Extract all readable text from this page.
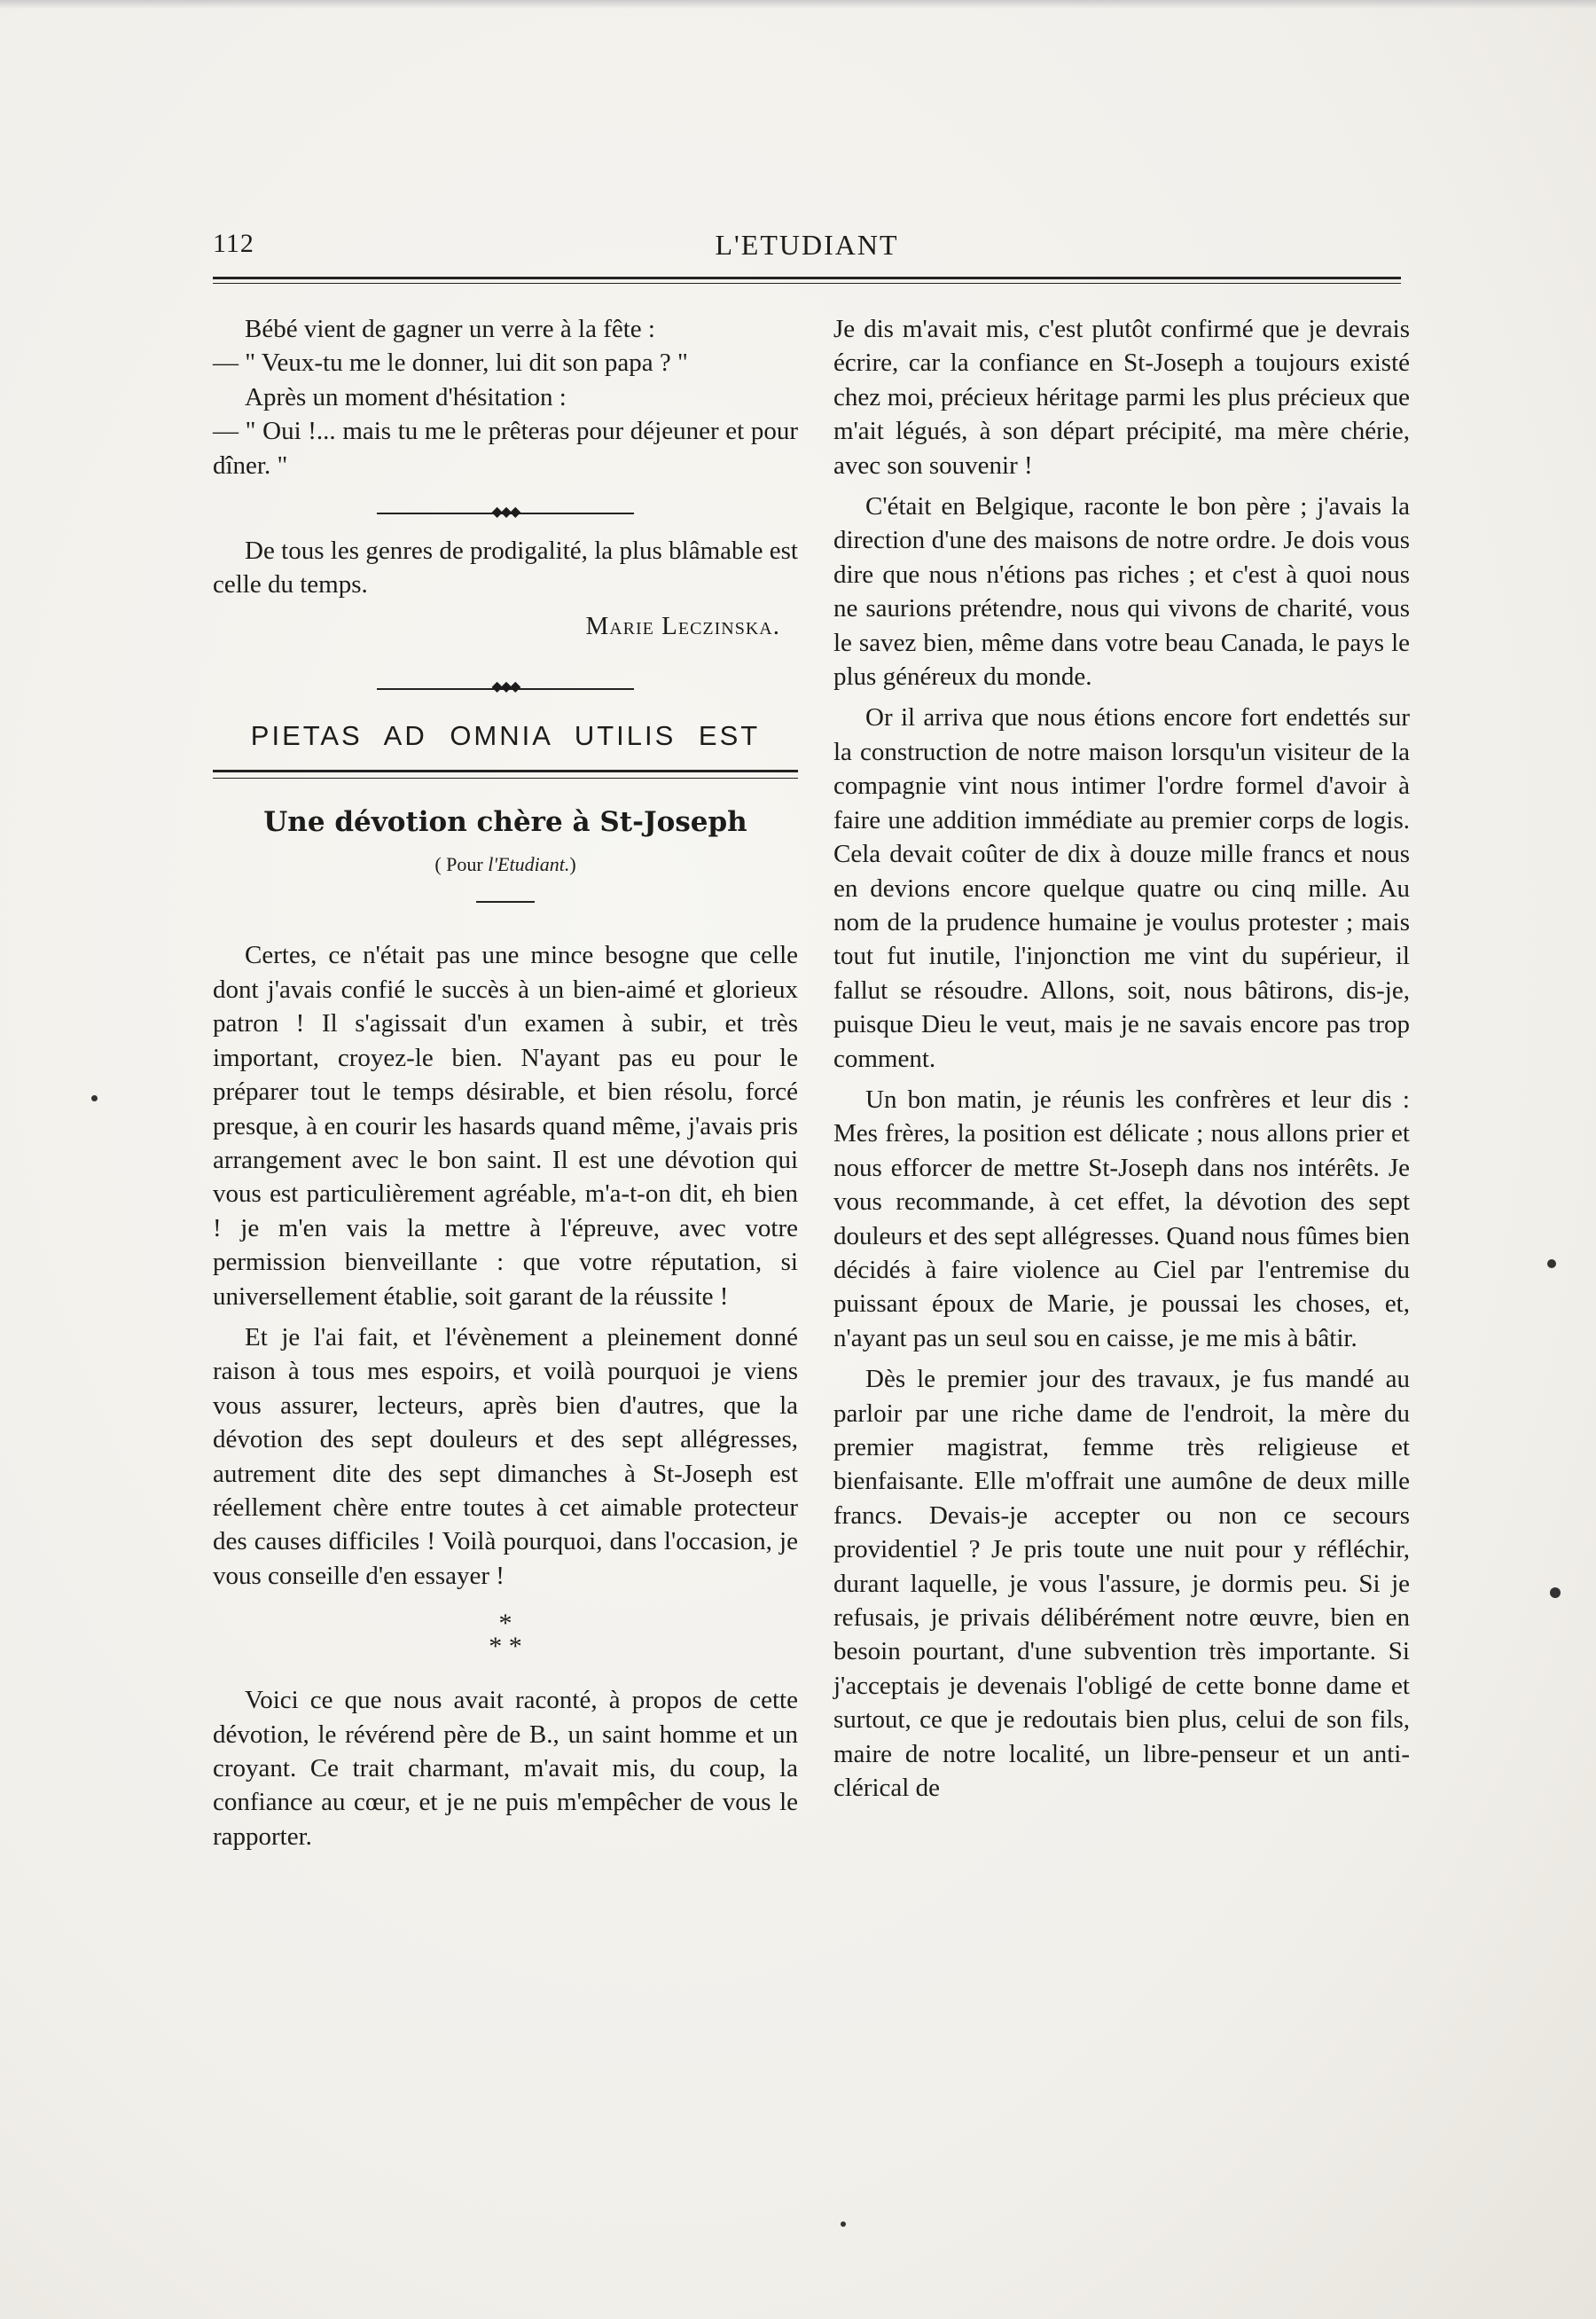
112	L'ETUDIANT

Bébé vient de gagner un verre à la fête :

— " Veux-tu me le donner, lui dit son papa ? "

Après un moment d'hésitation :

— " Oui !... mais tu me le prêteras pour déjeuner et pour dîner. "

◆◆◆

De tous les genres de prodigalité, la plus blâmable est celle du temps.

Marie Leczinska.

◆◆◆
PIETAS AD OMNIA UTILIS EST
Une dévotion chère à St-Joseph
( Pour l'Etudiant.)

Certes, ce n'était pas une mince besogne que celle dont j'avais confié le succès à un bien-aimé et glorieux patron ! Il s'agissait d'un examen à subir, et très important, croyez-le bien. N'ayant pas eu pour le préparer tout le temps désirable, et bien résolu, forcé presque, à en courir les hasards quand même, j'avais pris arrangement avec le bon saint. Il est une dévotion qui vous est particulièrement agréable, m'a-t-on dit, eh bien ! je m'en vais la mettre à l'épreuve, avec votre permission bienveillante : que votre réputation, si universellement établie, soit garant de la réussite !

Et je l'ai fait, et l'évènement a pleinement donné raison à tous mes espoirs, et voilà pourquoi je viens vous assurer, lecteurs, après bien d'autres, que la dévotion des sept douleurs et des sept allégresses, autrement dite des sept dimanches à St-Joseph est réellement chère entre toutes à cet aimable protecteur des causes difficiles ! Voilà pourquoi, dans l'occasion, je vous conseille d'en essayer !

*
* *

Voici ce que nous avait raconté, à propos de cette dévotion, le révérend père de B., un saint homme et un croyant. Ce trait charmant, m'avait mis, du coup, la confiance au cœur, et je ne puis m'empêcher de vous le rapporter.

Je dis m'avait mis, c'est plutôt confirmé que je devrais écrire, car la confiance en St-Joseph a toujours existé chez moi, précieux héritage parmi les plus précieux que m'ait légués, à son départ précipité, ma mère chérie, avec son souvenir !

C'était en Belgique, raconte le bon père ; j'avais la direction d'une des maisons de notre ordre. Je dois vous dire que nous n'étions pas riches ; et c'est à quoi nous ne saurions prétendre, nous qui vivons de charité, vous le savez bien, même dans votre beau Canada, le pays le plus généreux du monde.

Or il arriva que nous étions encore fort endettés sur la construction de notre maison lorsqu'un visiteur de la compagnie vint nous intimer l'ordre formel d'avoir à faire une addition immédiate au premier corps de logis. Cela devait coûter de dix à douze mille francs et nous en devions encore quelque quatre ou cinq mille. Au nom de la prudence humaine je voulus protester ; mais tout fut inutile, l'injonction me vint du supérieur, il fallut se résoudre. Allons, soit, nous bâtirons, dis-je, puisque Dieu le veut, mais je ne savais encore pas trop comment.

Un bon matin, je réunis les confrères et leur dis : Mes frères, la position est délicate ; nous allons prier et nous efforcer de mettre St-Joseph dans nos intérêts. Je vous recommande, à cet effet, la dévotion des sept douleurs et des sept allégresses. Quand nous fûmes bien décidés à faire violence au Ciel par l'entremise du puissant époux de Marie, je poussai les choses, et, n'ayant pas un seul sou en caisse, je me mis à bâtir.

Dès le premier jour des travaux, je fus mandé au parloir par une riche dame de l'endroit, la mère du premier magistrat, femme très religieuse et bienfaisante. Elle m'offrait une aumône de deux mille francs. Devais-je accepter ou non ce secours providentiel ? Je pris toute une nuit pour y réfléchir, durant laquelle, je vous l'assure, je dormis peu. Si je refusais, je privais délibérément notre œuvre, bien en besoin pourtant, d'une subvention très importante. Si j'acceptais je devenais l'obligé de cette bonne dame et surtout, ce que je redoutais bien plus, celui de son fils, maire de notre localité, un libre-penseur et un anti-clérical de
